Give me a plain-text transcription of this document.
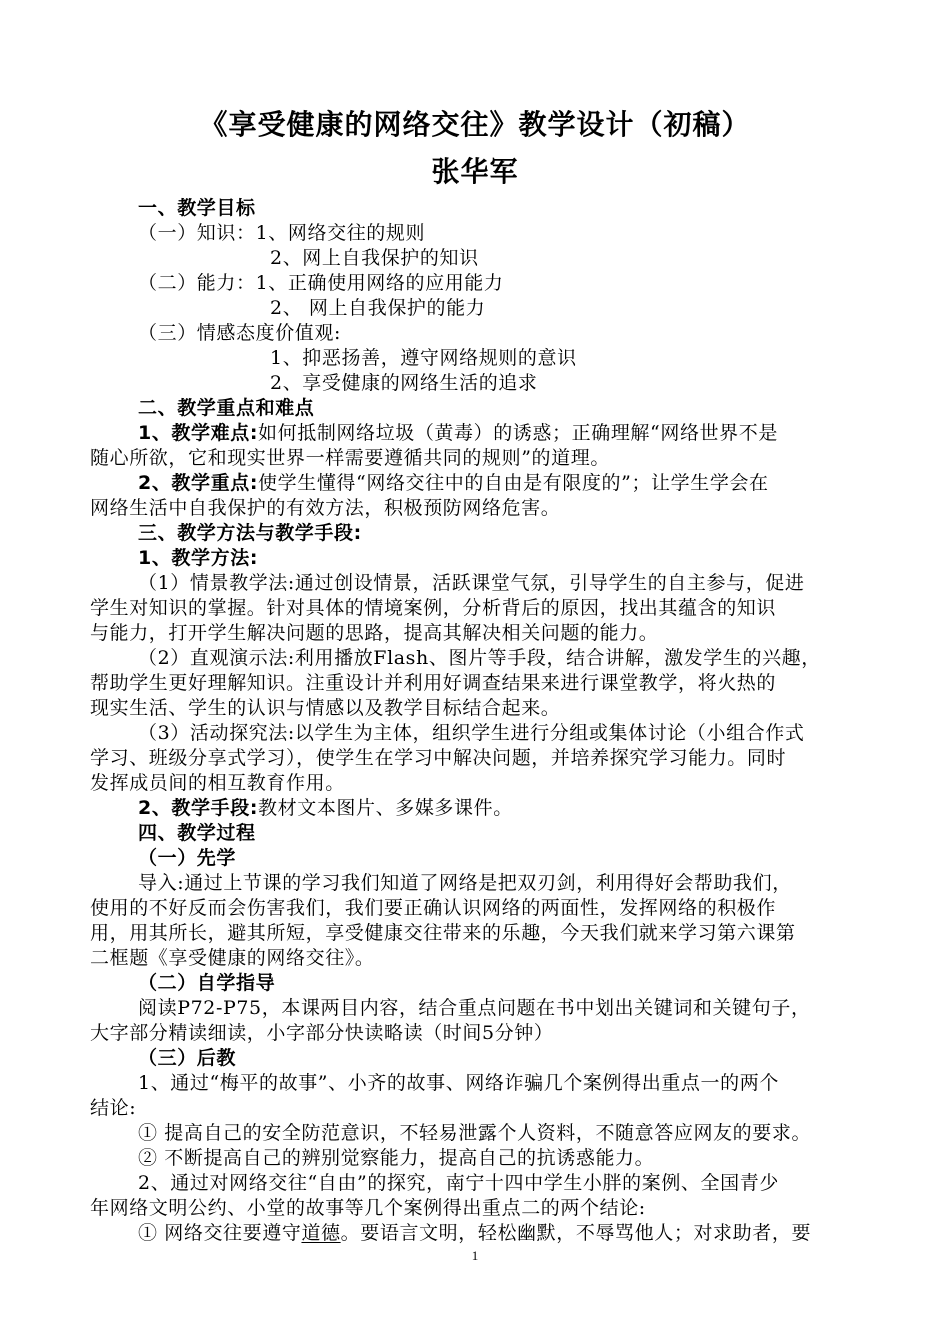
《享受健康的网络交往》教学设计（初稿）
张华军
一、教学目标
（一）知识：1、网络交往的规则
2、网上自我保护的知识
（二）能力：1、正确使用网络的应用能力
2、 网上自我保护的能力
（三）情感态度价值观:
1、抑恶扬善，遵守网络规则的意识
2、享受健康的网络生活的追求
二、教学重点和难点
1、教学难点:如何抵制网络垃圾（黄毒）的诱惑；正确理解“网络世界不是
随心所欲，它和现实世界一样需要遵循共同的规则”的道理。
2、教学重点:使学生懂得“网络交往中的自由是有限度的”；让学生学会在
网络生活中自我保护的有效方法，积极预防网络危害。
三、教学方法与教学手段:
1、教学方法:
（1）情景教学法:通过创设情景，活跃课堂气氛，引导学生的自主参与，促进
学生对知识的掌握。针对具体的情境案例，分析背后的原因，找出其蕴含的知识
与能力，打开学生解决问题的思路，提高其解决相关问题的能力。
（2）直观演示法:利用播放Flash、图片等手段，结合讲解，激发学生的兴趣，
帮助学生更好理解知识。注重设计并利用好调查结果来进行课堂教学，将火热的
现实生活、学生的认识与情感以及教学目标结合起来。
（3）活动探究法:以学生为主体，组织学生进行分组或集体讨论（小组合作式
学习、班级分享式学习），使学生在学习中解决问题，并培养探究学习能力。同时
发挥成员间的相互教育作用。
2、教学手段:教材文本图片、多媒多课件。
四、教学过程
（一）先学
导入:通过上节课的学习我们知道了网络是把双刃剑，利用得好会帮助我们，
使用的不好反而会伤害我们，我们要正确认识网络的两面性，发挥网络的积极作
用，用其所长，避其所短，享受健康交往带来的乐趣，今天我们就来学习第六课第
二框题《享受健康的网络交往》。
（二）自学指导
阅读P72-P75，本课两目内容，结合重点问题在书中划出关键词和关键句子，
大字部分精读细读，小字部分快读略读（时间5分钟）
（三）后教
1、通过“梅平的故事”、小齐的故事、网络诈骗几个案例得出重点一的两个
结论:
① 提高自己的安全防范意识，不轻易泄露个人资料，不随意答应网友的要求。
② 不断提高自己的辨别觉察能力，提高自己的抗诱惑能力。
2、通过对网络交往“自由”的探究，南宁十四中学生小胖的案例、全国青少
年网络文明公约、小堂的故事等几个案例得出重点二的两个结论:
① 网络交往要遵守道德。要语言文明，轻松幽默，不辱骂他人；对求助者，要
1
